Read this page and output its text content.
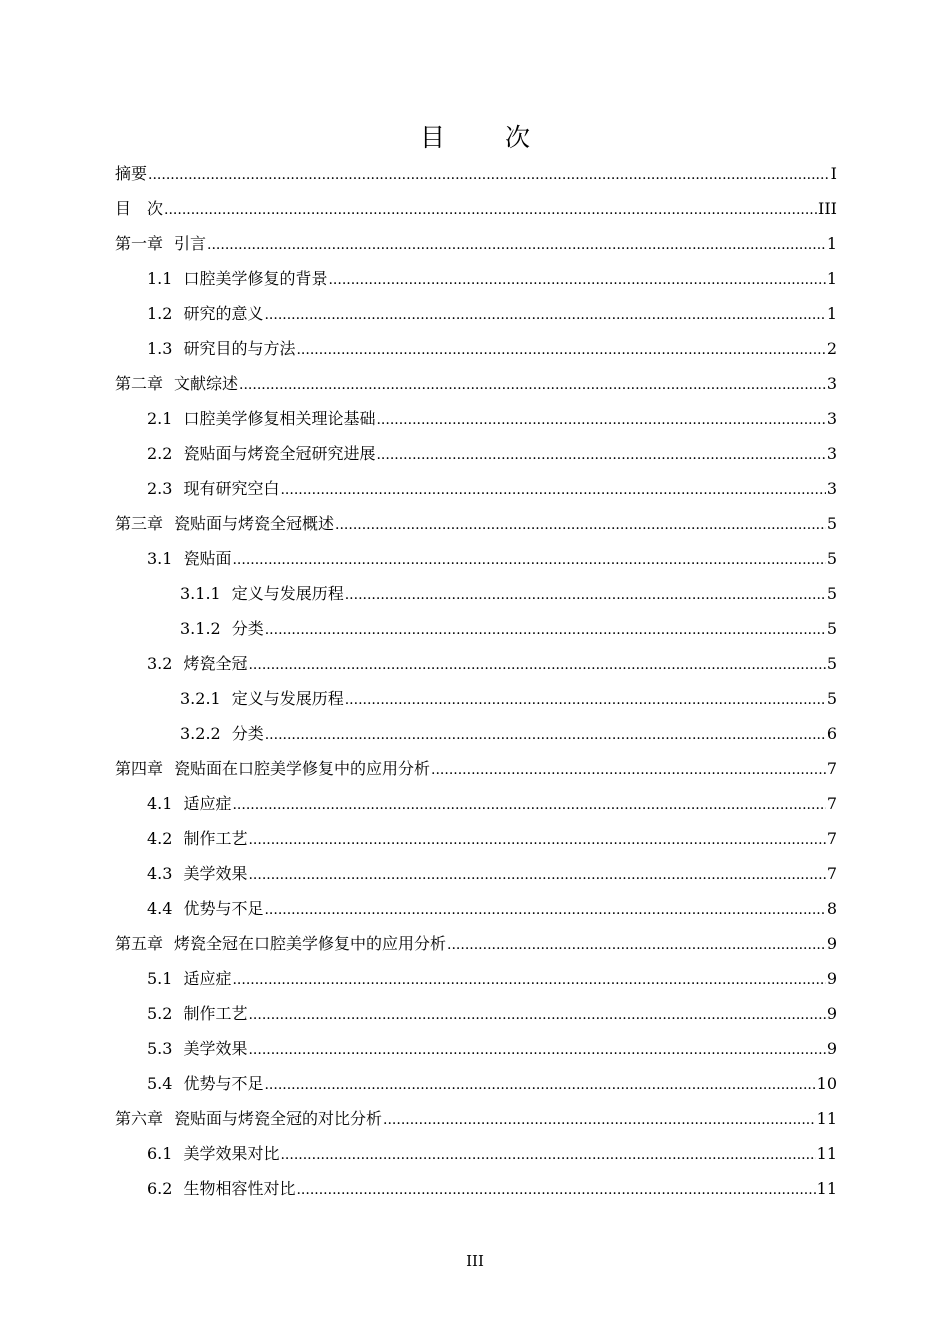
目 次
摘要 .....	I
目　次 .....	III
第一章 引言 .....	1
1.1 口腔美学修复的背景 .....	1
1.2 研究的意义 .....	1
1.3 研究目的与方法 .....	2
第二章 文献综述 .....	3
2.1 口腔美学修复相关理论基础 .....	3
2.2 瓷贴面与烤瓷全冠研究进展 .....	3
2.3 现有研究空白 .....	3
第三章 瓷贴面与烤瓷全冠概述 .....	5
3.1 瓷贴面 .....	5
3.1.1 定义与发展历程 .....	5
3.1.2 分类 .....	5
3.2 烤瓷全冠 .....	5
3.2.1 定义与发展历程 .....	5
3.2.2 分类 .....	6
第四章 瓷贴面在口腔美学修复中的应用分析 .....	7
4.1 适应症 .....	7
4.2 制作工艺 .....	7
4.3 美学效果 .....	7
4.4 优势与不足 .....	8
第五章 烤瓷全冠在口腔美学修复中的应用分析 .....	9
5.1 适应症 .....	9
5.2 制作工艺 .....	9
5.3 美学效果 .....	9
5.4 优势与不足 .....	10
第六章 瓷贴面与烤瓷全冠的对比分析 .....	11
6.1 美学效果对比 .....	11
6.2 生物相容性对比 .....	11
III
